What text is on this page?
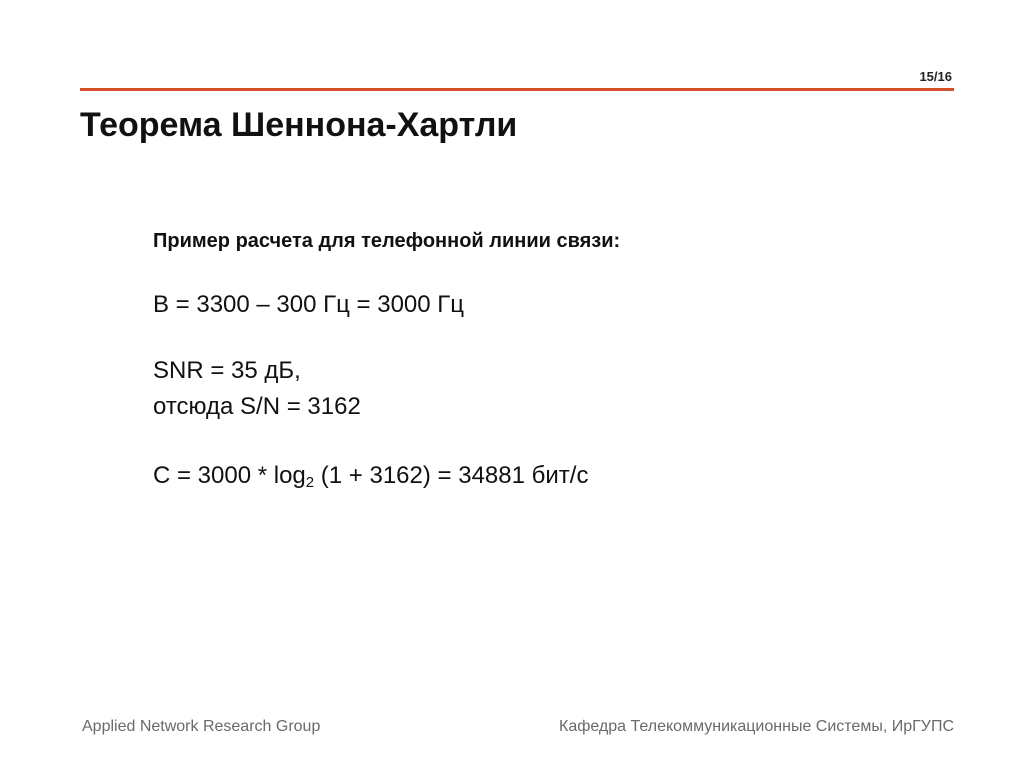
15/16
Теорема Шеннона-Хартли

Пример расчета для телефонной линии связи:

B = 3300 – 300 Гц = 3000 Гц

SNR = 35 дБ,

отсюда S/N = 3162

$C = 3000 * \log_2 (1 + 3162) = 34881$ бит/с

Applied Network Research Group	Кафедра Телекоммуникационные Системы, ИрГУПС
